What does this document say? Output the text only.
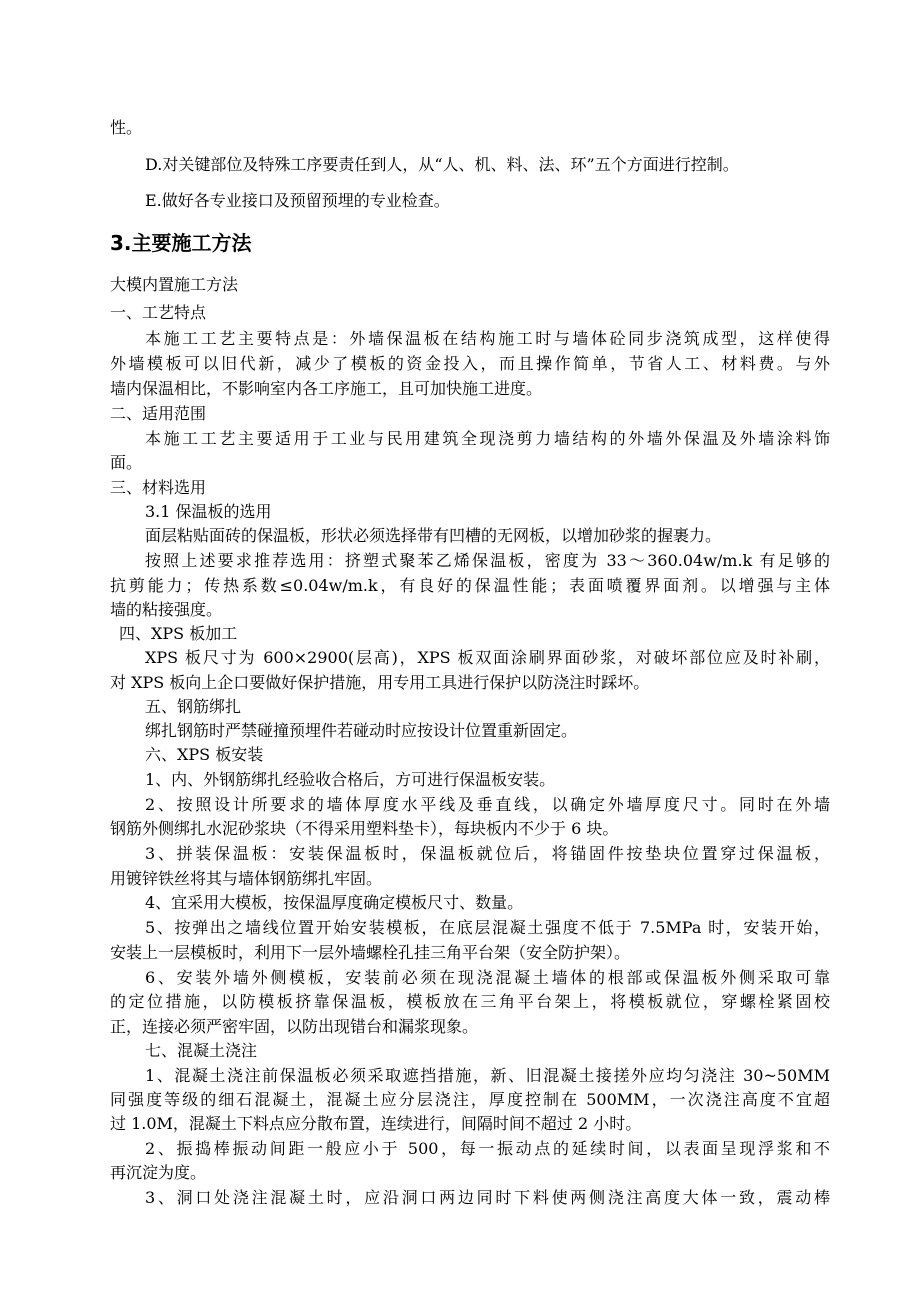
性。
D.对关键部位及特殊工序要责任到人，从“人、机、料、法、环”五个方面进行控制。
E.做好各专业接口及预留预埋的专业检查。
3.主要施工方法
大模内置施工方法
一、工艺特点
本施工工艺主要特点是：外墙保温板在结构施工时与墙体砼同步浇筑成型，这样使得
外墙模板可以旧代新，减少了模板的资金投入，而且操作简单，节省人工、材料费。与外
墙内保温相比，不影响室内各工序施工，且可加快施工进度。
二、适用范围
本施工工艺主要适用于工业与民用建筑全现浇剪力墙结构的外墙外保温及外墙涂料饰
面。
三、材料选用
3.1 保温板的选用
面层粘贴面砖的保温板，形状必须选择带有凹槽的无网板，以增加砂浆的握裹力。
按照上述要求推荐选用：挤塑式聚苯乙烯保温板，密度为 33～360.04w/m.k 有足够的
抗剪能力；传热系数≤0.04w/m.k，有良好的保温性能；表面喷覆界面剂。以增强与主体
墙的粘接强度。
四、XPS 板加工
XPS 板尺寸为 600×2900(层高)，XPS 板双面涂刷界面砂浆，对破坏部位应及时补刷，
对 XPS 板向上企口要做好保护措施，用专用工具进行保护以防浇注时踩坏。
五、钢筋绑扎
绑扎钢筋时严禁碰撞预埋件若碰动时应按设计位置重新固定。
六、XPS 板安装
1、内、外钢筋绑扎经验收合格后，方可进行保温板安装。
2、按照设计所要求的墙体厚度水平线及垂直线，以确定外墙厚度尺寸。同时在外墙
钢筋外侧绑扎水泥砂浆块（不得采用塑料垫卡），每块板内不少于 6 块。
3、拼装保温板：安装保温板时，保温板就位后，将锚固件按垫块位置穿过保温板，
用镀锌铁丝将其与墙体钢筋绑扎牢固。
4、宜采用大模板，按保温厚度确定模板尺寸、数量。
5、按弹出之墙线位置开始安装模板，在底层混凝土强度不低于 7.5MPa 时，安装开始，
安装上一层模板时，利用下一层外墙螺栓孔挂三角平台架（安全防护架）。
6、安装外墙外侧模板，安装前必须在现浇混凝土墙体的根部或保温板外侧采取可靠
的定位措施，以防模板挤靠保温板，模板放在三角平台架上，将模板就位，穿螺栓紧固校
正，连接必须严密牢固，以防出现错台和漏浆现象。
七、混凝土浇注
1、混凝土浇注前保温板必须采取遮挡措施，新、旧混凝土接搓外应均匀浇注 30~50MM
同强度等级的细石混凝土，混凝土应分层浇注，厚度控制在 500MM，一次浇注高度不宜超
过 1.0M，混凝土下料点应分散布置，连续进行，间隔时间不超过 2 小时。
2、振捣棒振动间距一般应小于 500，每一振动点的延续时间，以表面呈现浮浆和不
再沉淀为度。
3、洞口处浇注混凝土时，应沿洞口两边同时下料使两侧浇注高度大体一致，震动棒
